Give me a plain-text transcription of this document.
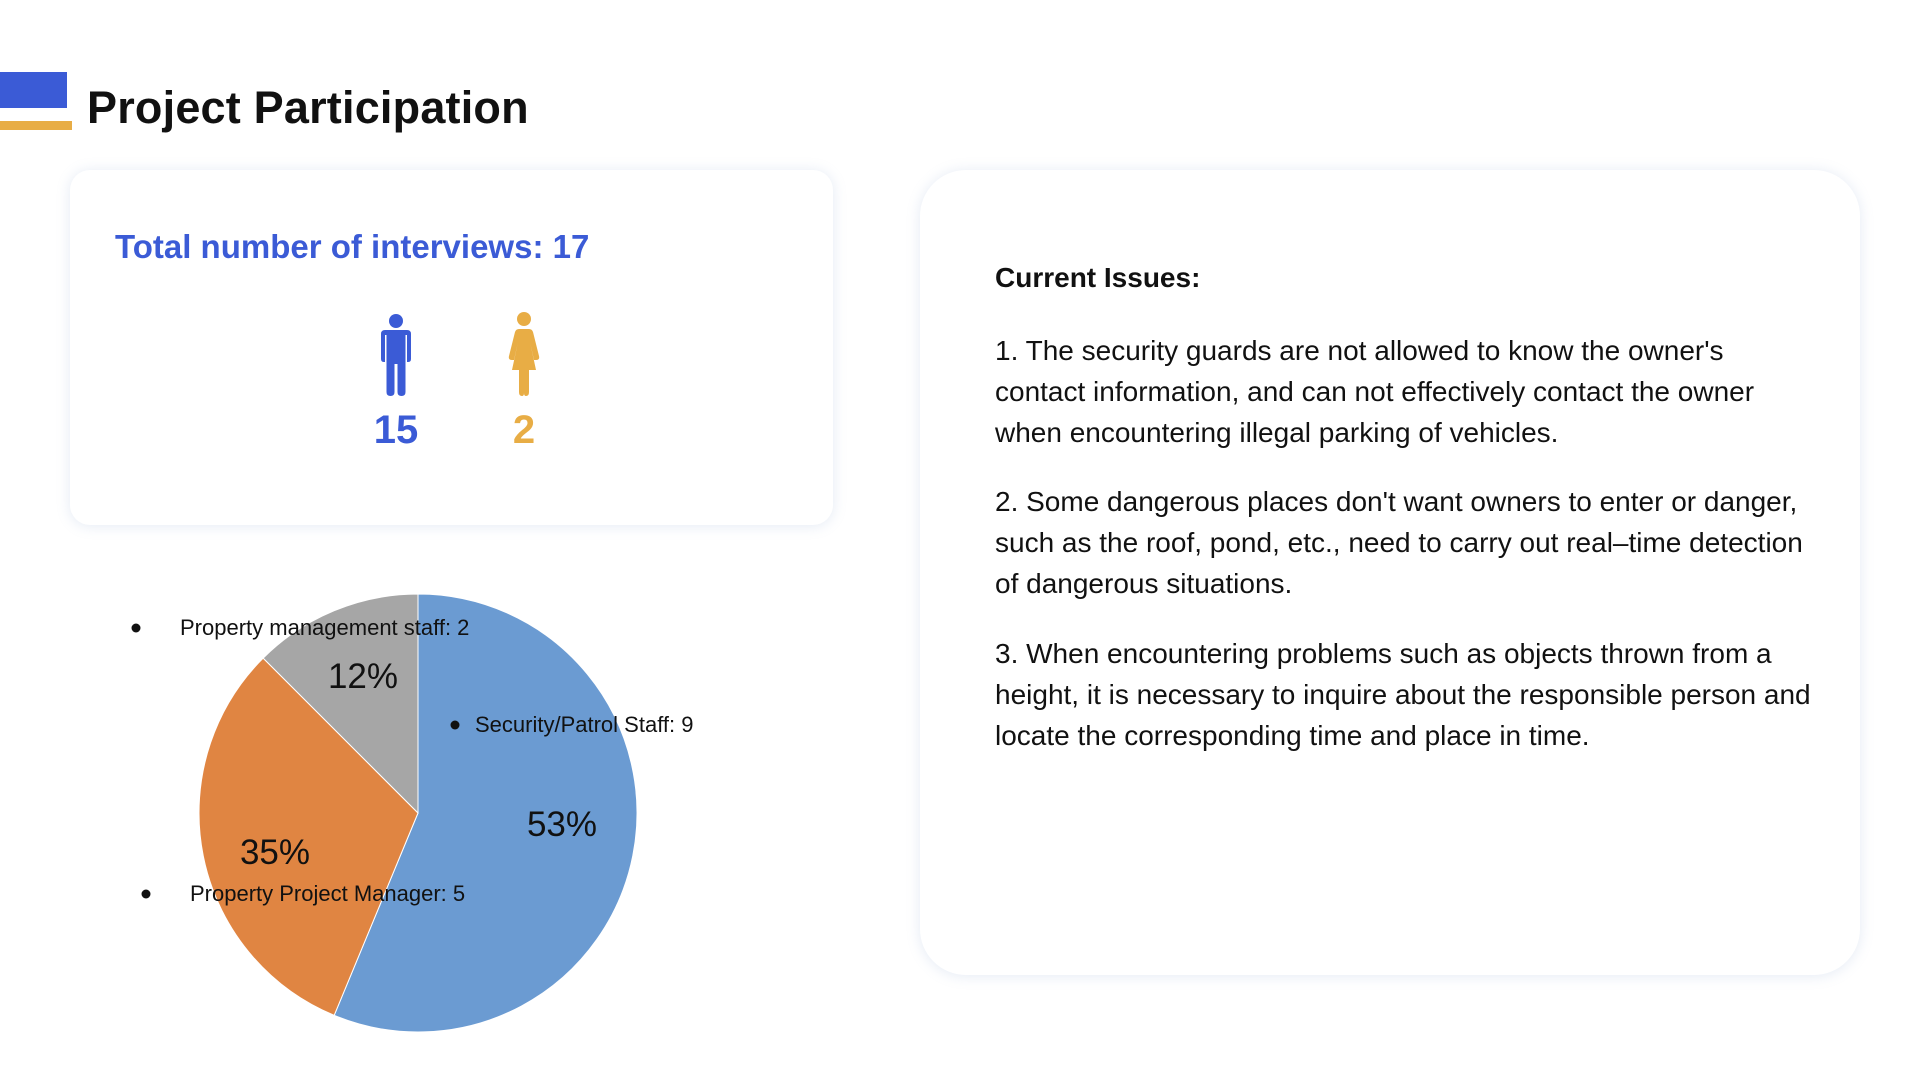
Project Participation
Total number of interviews: 17
15	2
Current Issues:

1. The security guards are not allowed to know the owner's contact information, and can not effectively contact the owner when encountering illegal parking of vehicles.

2. Some dangerous places don't want owners to enter or danger, such as the roof, pond, etc., need to carry out real–time detection of dangerous situations.

3. When encountering problems such as objects thrown from a height, it is necessary to inquire about the responsible person and locate the corresponding time and place in time.

53%
35%
12%
Security/Patrol Staff: 9
Property Project Manager: 5
Property management staff: 2
